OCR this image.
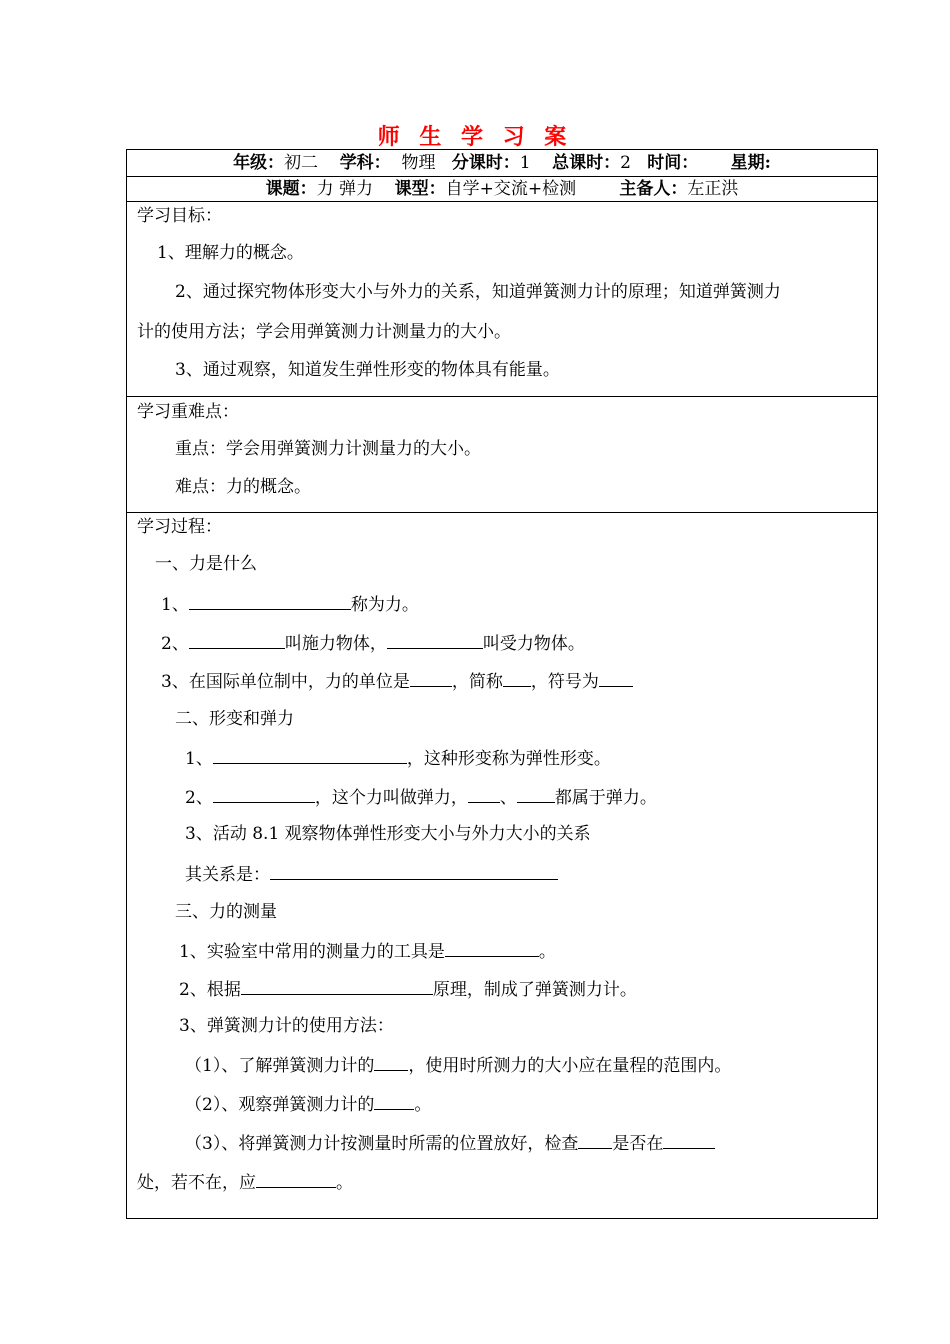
师 生 学 习 案
年级：初二 学科： 物理 分课时：1 总课时：2 时间： 星期:
课题：力 弹力 课型：自学+交流+检测	主备人：左正洪
学习目标：
1、理解力的概念。
2、通过探究物体形变大小与外力的关系，知道弹簧测力计的原理；知道弹簧测力
计的使用方法；学会用弹簧测力计测量力的大小。
3、通过观察，知道发生弹性形变的物体具有能量。
学习重难点：
重点：学会用弹簧测力计测量力的大小。
难点：力的概念。
学习过程：
一、力是什么
1、	称为力。
2、	叫施力物体，	叫受力物体。
3、在国际单位制中，力的单位是 ，简称 ，符号为
二、形变和弹力
1、	，这种形变称为弹性形变。
2、	，这个力叫做弹力， 、 都属于弹力。
3、活动 8.1 观察物体弹性形变大小与外力大小的关系
其关系是：
三、力的测量
1、实验室中常用的测量力的工具是	。
2、根据	原理，制成了弹簧测力计。
3、弹簧测力计的使用方法：
（1）、了解弹簧测力计的 ，使用时所测力的大小应在量程的范围内。
（2）、观察弹簧测力计的 。
（3）、将弹簧测力计按测量时所需的位置放好，检查 是否在
处，若不在，应	。
